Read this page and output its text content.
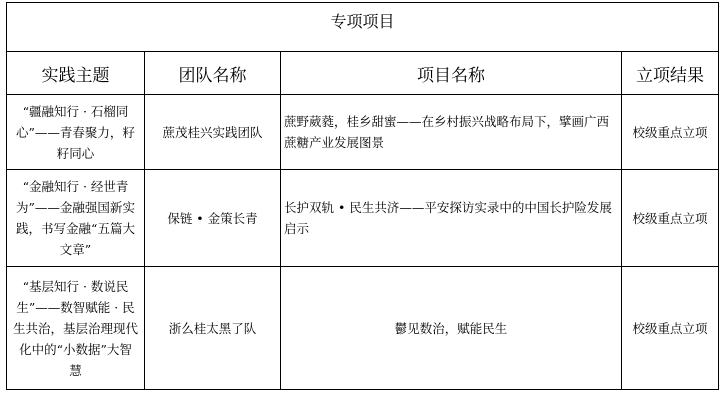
专项项目			
实践主题	团队名称	项目名称	立项结果
“疆融知行 · 石榴同心”——青春聚力，籽籽同心	蔗茂桂兴实践团队	蔗野葳蕤，桂乡甜蜜——在乡村振兴战略布局下，擘画广西蔗糖产业发展图景	校级重点立项
“金融知行 · 经世青为”——金融强国新实践，书写金融“五篇大文章”	保链 • 金策长青	长护双轨 • 民生共济——平安探访实录中的中国长护险发展启示	校级重点立项
“基层知行 · 数说民生”——数智赋能 · 民生共治，基层治理现代化中的“小数据”大智慧	浙么桂太黑了队	鬱见数治，赋能民生	校级重点立项
